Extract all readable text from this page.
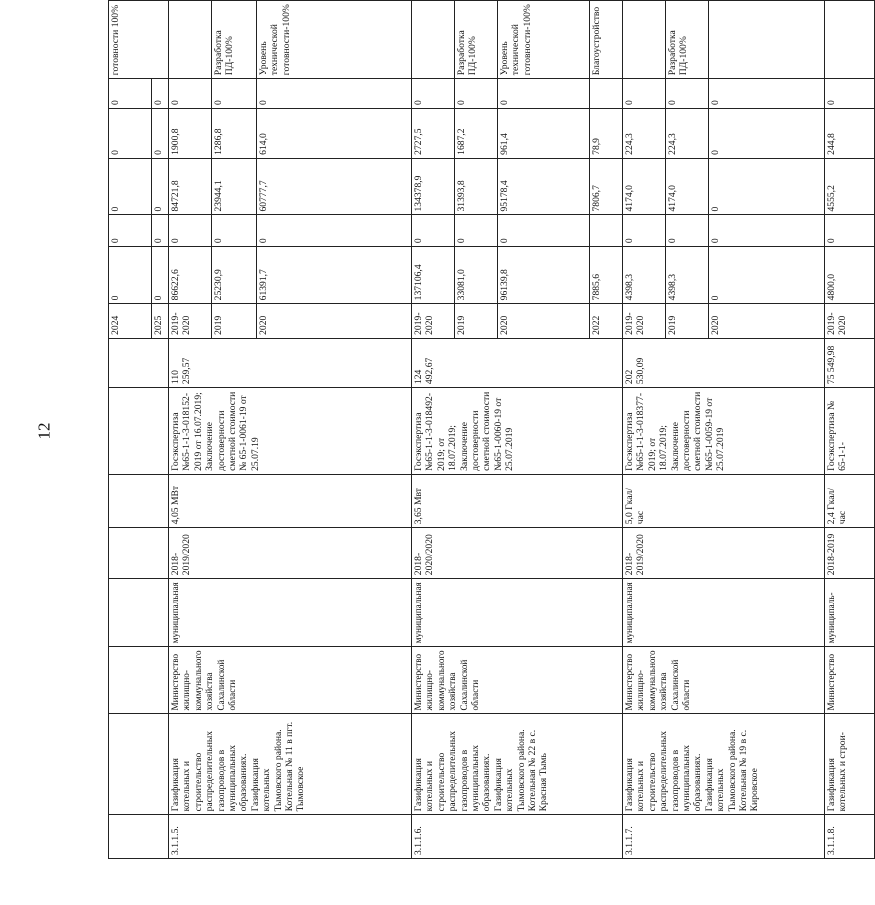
12
								2024	0	0	0	0	0	готовности 100%
								2025	0	0	0	0	0	
3.1.1.5.	Газификация котельных и строительство распределительных газопроводов в муниципальных образованиях. Газификация котельных Тымовского района. Котельная № 11 в пгт. Тымовское	Министерство жилищно-коммунального хозяйства Сахалинской области	муниципальная	2018-2019/2020	4,05 МВт	Госэкспертиза №65-1-1-3-018152-2019 от 16.07.2019; Заключение достоверности сметной стоимости № 65-1-0061-19 от 25.07.19	110 259,57	2019-2020	86622,6	0	84721,8	1900,8	0	
								2019	25230,9	0	23944,1	1286,8	0	Разработка ПД-100%
								2020	61391,7	0	60777,7	614,0	0	Уровень технической готовности-100%
3.1.1.6.	Газификация котельных и строительство распределительных газопроводов в муниципальных образованиях. Газификация котельных Тымовского района. Котельная № 22 в с. Красная Тымь	Министерство жилищно-коммунального хозяйства Сахалинской области	муниципальная	2018-2020/2020	3,65 Мвт	Госэкспертиза №65-1-1-3-018492-2019; от 18.07.2019; Заключение достоверности сметной стоимости №65-1-0060-19 от 25.07.2019	124 492,67	2019-2020	137106,4	0	134378,9	2727,5	0	
								2019	33081,0	0	31393,8	1687,2	0	Разработка ПД-100%
								2020	96139,8	0	95178,4	961,4	0	Уровень технической готовности-100%
								2022	7885,6		7806,7	78,9		Благоустройство
3.1.1.7.	Газификация котельных и строительство распределительных газопроводов в муниципальных образованиях. Газификация котельных Тымовского района. Котельная № 19 в с. Кировское	Министерство жилищно-коммунального хозяйства Сахалинской области	муниципальная	2018-2019/2020	5,0 Гкал/час	Госэкспертиза №65-1-1-3-018377-2019; от 18.07.2019; Заключение достоверности сметной стоимости №65-1-0059-19 от 25.07.2019	202 530,09	2019-2020	4398,3	0	4174,0	224,3	0	
								2019	4398,3	0	4174,0	224,3	0	Разработка ПД-100%
								2020	0	0	0	0	0	
3.1.1.8.	Газификация котельных и строи-	Министерство	муниципаль-	2018-2019	2,4 Гкал/час	Госэкспертиза № 65-1-1-	75 549,98	2019-2020	4800,0	0	4555,2	244,8	0	
